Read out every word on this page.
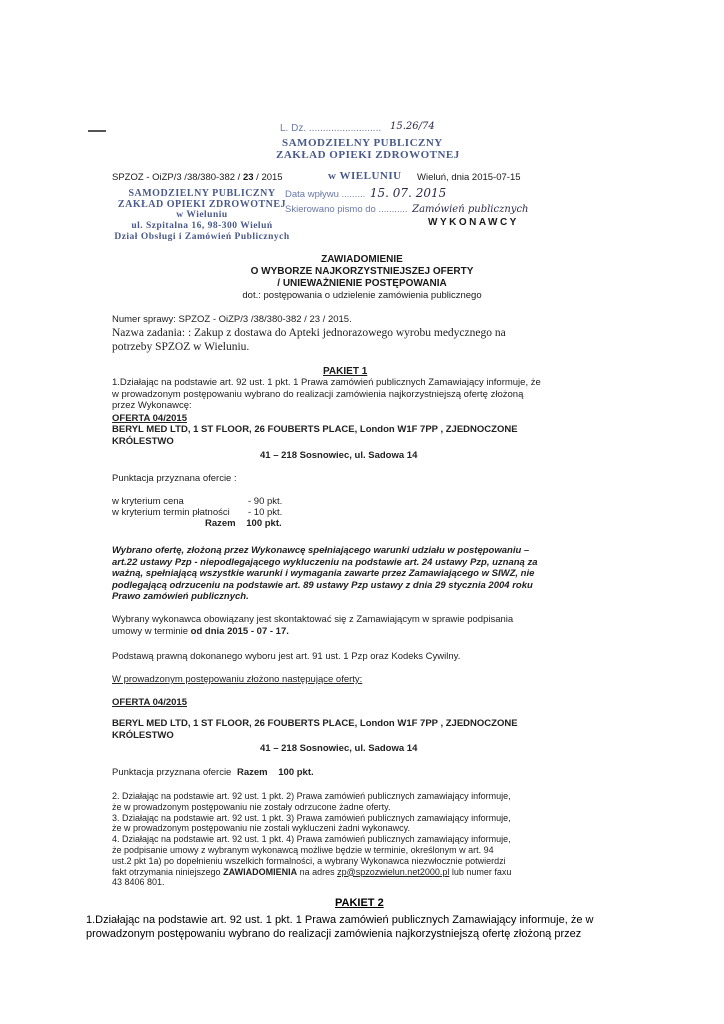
L. Dz. .......................... 15.26/74
SAMODZIELNY PUBLICZNY
ZAKŁAD OPIEKI ZDROWOTNEJ
SPZOZ - OiZP/3 /38/380-382 / 23 / 2015	w WIELUNIU Wieluń, dnia 2015-07-15
SAMODZIELNY PUBLICZNY
ZAKŁAD OPIEKI ZDROWOTNEJ
w Wieluniu
ul. Szpitalna 16, 98-300 Wieluń
Dział Obsługi i Zamówień Publicznych
Data wpływu ......... 15. 07. 2015
Skierowano pismo do ........... Zamówień publicznych
WYKONAWCY
ZAWIADOMIENIE
O WYBORZE NAJKORZYSTNIEJSZEJ OFERTY
/ UNIEWAŻNIENIE POSTĘPOWANIA
dot.: postępowania o udzielenie zamówienia publicznego
Numer sprawy: SPZOZ - OiZP/3 /38/380-382 / 23 / 2015.
Nazwa zadania: : Zakup z dostawa do Apteki jednorazowego wyrobu medycznego na
potrzeby SPZOZ w Wieluniu.
PAKIET 1
1.Działając na podstawie art. 92 ust. 1 pkt. 1 Prawa zamówień publicznych Zamawiający informuje, że
w prowadzonym postępowaniu wybrano do realizacji zamówienia najkorzystniejszą ofertę złożoną
przez Wykonawcę:
OFERTA 04/2015
BERYL MED LTD, 1 ST FLOOR, 26 FOUBERTS PLACE, London W1F 7PP , ZJEDNOCZONE
KRÓLESTWO
41 – 218 Sosnowiec, ul. Sadowa 14
Punktacja przyznana ofercie :
w kryterium cena	- 90 pkt.
w kryterium termin płatności - 10 pkt.
Razem 100 pkt.
Wybrano ofertę, złożoną przez Wykonawcę spełniającego warunki udziału w postępowaniu –
art.22 ustawy Pzp - niepodlegającego wykluczeniu na podstawie art. 24 ustawy Pzp, uznaną za
ważną, spełniającą wszystkie warunki i wymagania zawarte przez Zamawiającego w SIWZ, nie
podlegającą odrzuceniu na podstawie art. 89 ustawy Pzp ustawy z dnia 29 stycznia 2004 roku
Prawo zamówień publicznych.
Wybrany wykonawca obowiązany jest skontaktować się z Zamawiającym w sprawie podpisania
umowy w terminie od dnia 2015 - 07 - 17.
Podstawą prawną dokonanego wyboru jest art. 91 ust. 1 Pzp oraz Kodeks Cywilny.
W prowadzonym postępowaniu złożono następujące oferty:
OFERTA 04/2015
BERYL MED LTD, 1 ST FLOOR, 26 FOUBERTS PLACE, London W1F 7PP , ZJEDNOCZONE
KRÓLESTWO
41 – 218 Sosnowiec, ul. Sadowa 14
Punktacja przyznana ofercie Razem 100 pkt.
2. Działając na podstawie art. 92 ust. 1 pkt. 2) Prawa zamówień publicznych zamawiający informuje,
że w prowadzonym postępowaniu nie zostały odrzucone żadne oferty.
3. Działając na podstawie art. 92 ust. 1 pkt. 3) Prawa zamówień publicznych zamawiający informuje,
że w prowadzonym postępowaniu nie zostali wykluczeni żadni wykonawcy.
4. Działając na podstawie art. 92 ust. 1 pkt. 4) Prawa zamówień publicznych zamawiający informuje,
że podpisanie umowy z wybranym wykonawcą możliwe będzie w terminie, określonym w art. 94
ust.2 pkt 1a) po dopełnieniu wszelkich formalności, a wybrany Wykonawca niezwłocznie potwierdzi
fakt otrzymania niniejszego ZAWIADOMIENIA na adres zp@spzozwielun.net2000.pl lub numer faxu
43 8406 801.
PAKIET 2
1.Działając na podstawie art. 92 ust. 1 pkt. 1 Prawa zamówień publicznych Zamawiający informuje, że w
prowadzonym postępowaniu wybrano do realizacji zamówienia najkorzystniejszą ofertę złożoną przez
